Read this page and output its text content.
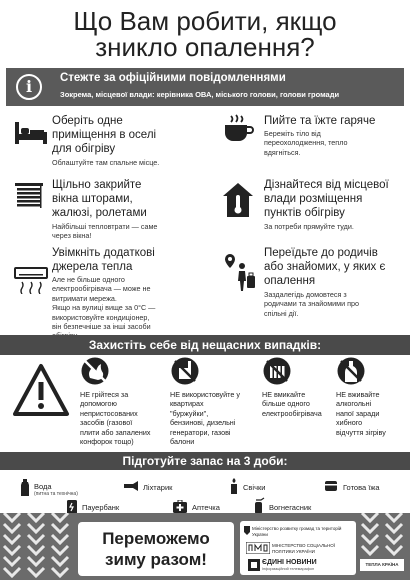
Що Вам робити, якщо
зникло опалення?
i	Стежте за офіційними повідомленнями
Зокрема, місцевої влади: керівника ОВА, міського голови, голови громади
Оберіть одне
приміщення в оселі
для обігріву
Облаштуйте там спальне місце.
Пийте та їжте гаряче
Бережіть тіло від
переохолодження, тепло
вдягніться.
Щільно закрийте
вікна шторами,
жалюзі, ролетами
Найбільші тепловтрати — саме
через вікна!
Дізнайтеся від місцевої
влади розміщення
пунктів обігріву
За потреби прямуйте туди.
Увімкніть додаткові
джерела тепла
Але не більше одного
електрообігрівача — може не
витримати мережа.
Якщо на вулиці вище за 0°С —
використовуйте кондиціонер,
він безпечніше за інші засоби
Переїдьте до родичів
або знайомих, у яких є
опалення
Заздалегідь домовтеся з
родичами та знайомими про
спільні дії.
Захистіть себе від нещасних випадків:
НЕ грійтеся за
допомогою
непристосованих
засобів (газової
плити або запалених
конфорок тощо)
НЕ використовуйте у
квартирах
"буржуйки",
бензинові, дизельні
генератори, газові
балони
НЕ вмикайте
більше одного
електрообігрівача
НЕ вживайте
алкогольні
напої заради
хибного
відчуття зігріву
Підготуйте запас на 3 доби:
Вода
(питна та технічна)
Ліхтарик	Свічки	Готова їжа
Пауербанк	Аптечка	Вогнегасник
Переможемо
зиму разом!
Міністерство розвитку громад та територій України
МІНІСТЕРСТВО СОЦІАЛЬНОЇ ПОЛІТИКИ УКРАЇНИ
ЄДИНІ НОВИНИ
Інформаційний телемарафон
ТЕПЛА КРАЇНА
